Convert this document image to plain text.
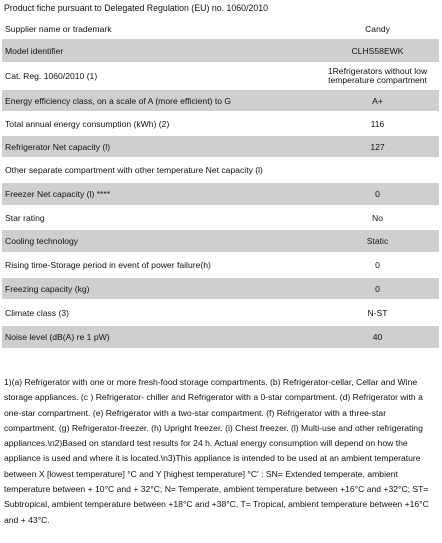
Product fiche pursuant to Delegated Regulation (EU) no. 1060/2010
Supplier name or trademark	Candy
Model identifier	CLHS58EWK
Cat. Reg. 1060/2010 (1)	1Refrigerators without low temperature compartment
Energy efficiency class, on a scale of A (more efficient) to G	A+
Total annual energy consumption (kWh) (2)	116
Refrigerator Net capacity (l)	127
Other separate compartment with other temperature Net capacity (l)	
Freezer Net capacity (l) ****	0
Star rating	No
Cooling technology	Static
Rising time-Storage period in event of power failure(h)	0
Freezing capacity (kg)	0
Climate class (3)	N-ST
Noise level (dB(A) re 1 pW)	40
1)(a) Refrigerator with one or more fresh-food storage compartments. (b) Refrigerator-cellar, Cellar and Wine storage appliances. (c ) Refrigerator- chiller and Refrigerator with a 0-star compartment. (d) Refrigerator with a one-star compartment. (e) Refrigerator with a two-star compartment. (f) Refrigerator with a three-star compartment. (g) Refrigerator-freezer. (h) Upright freezer. (i) Chest freezer. (l) Multi-use and other refrigerating appliances.\n2)Based on standard test results for 24 h. Actual energy consumption will depend on how the appliance is used and where it is located.\n3)This appliance is intended to be used at an ambient temperature between X [lowest temperature] °C and Y [highest temperature] °C' : SN= Extended temperate, ambient temperature between + 10°C and + 32°C; N= Temperate, ambient temperature between +16°C and +32°C; ST= Subtropical, ambient temperature between +18°C and +38°C, T= Tropical, ambient temperature between +16°C and + 43°C.
